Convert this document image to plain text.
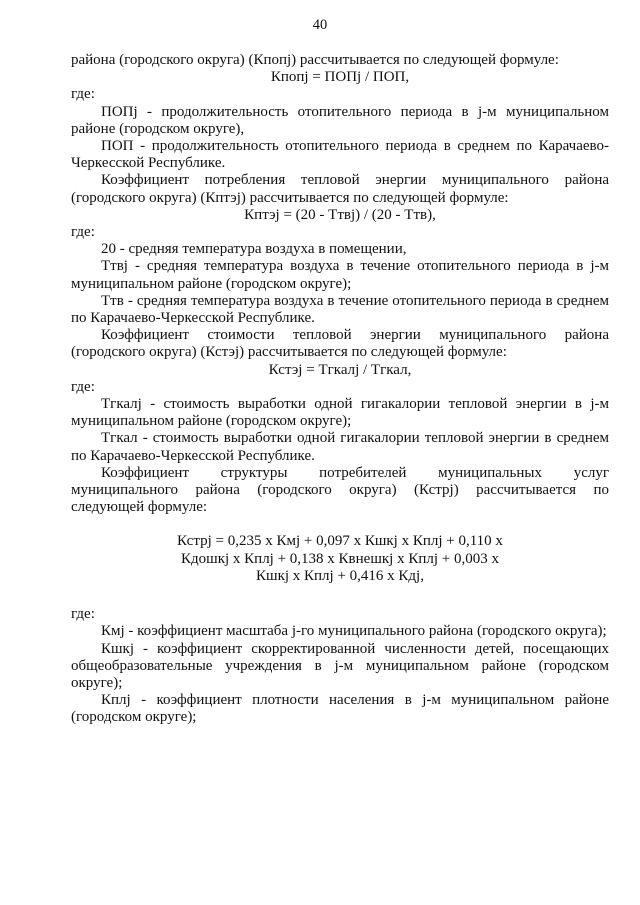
40

района (городского округа) (Кпопj) рассчитывается по следующей формуле:

Кпопj = ПОПj / ПОП,

где:

ПОПj - продолжительность отопительного периода в j-м муниципальном районе (городском округе),

ПОП - продолжительность отопительного периода в среднем по Карачаево-Черкесской Республике.

Коэффициент потребления тепловой энергии муниципального района (городского округа) (Кптэj) рассчитывается по следующей формуле:

Кптэj = (20 - Ттвj) / (20 - Ттв),

где:

20 - средняя температура воздуха в помещении,

Ттвj - средняя температура воздуха в течение отопительного периода в j-м муниципальном районе (городском округе);

Ттв - средняя температура воздуха в течение отопительного периода в среднем по Карачаево-Черкесской Республике.

Коэффициент стоимости тепловой энергии муниципального района (городского округа) (Кстэj) рассчитывается по следующей формуле:

Кстэj = Тгкалj / Тгкал,

где:

Тгкалj - стоимость выработки одной гигакалории тепловой энергии в j-м муниципальном районе (городском округе);

Тгкал - стоимость выработки одной гигакалории тепловой энергии в среднем по Карачаево-Черкесской Республике.

Коэффициент структуры потребителей муниципальных услуг

муниципального района (городского округа) (Кстрj) рассчитывается по

следующей формуле:

Кстрj = 0,235 х Кмj + 0,097 х Кшкj х Кплj + 0,110 х

Кдошкj х Кплj + 0,138 х Квнешкj х Кплj + 0,003 х

Кшкj х Кплj + 0,416 х Кдj,

где:

Кмj - коэффициент масштаба j-го муниципального района (городского округа);

Кшкj - коэффициент скорректированной численности детей, посещающих общеобразовательные учреждения в j-м муниципальном районе (городском округе);

Кплj - коэффициент плотности населения в j-м муниципальном районе (городском округе);
